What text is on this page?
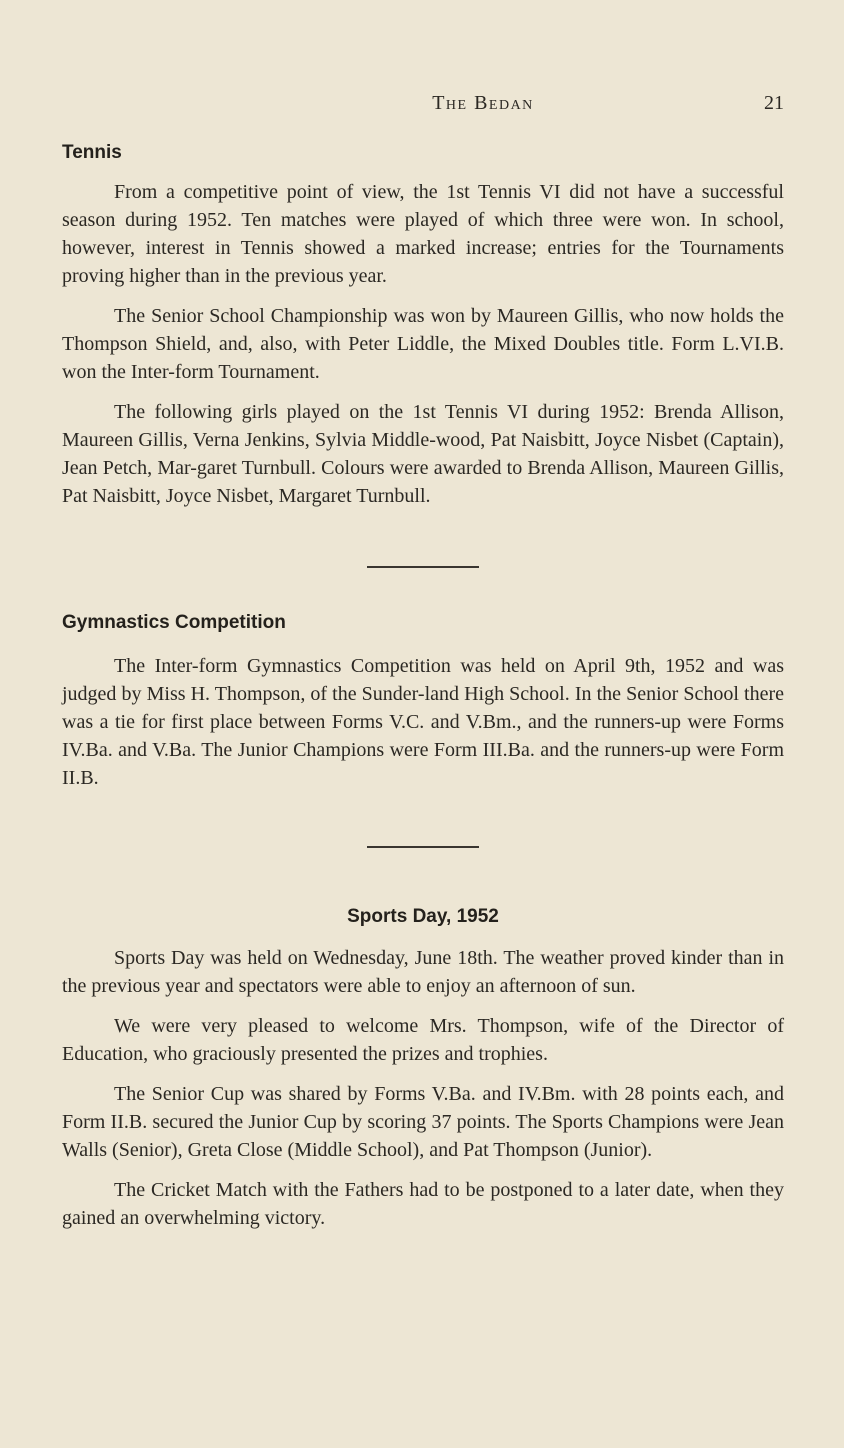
The Bedan	21
Tennis

From a competitive point of view, the 1st Tennis VI did not have a successful season during 1952. Ten matches were played of which three were won. In school, however, interest in Tennis showed a marked increase; entries for the Tournaments proving higher than in the previous year.

The Senior School Championship was won by Maureen Gillis, who now holds the Thompson Shield, and, also, with Peter Liddle, the Mixed Doubles title. Form L.VI.B. won the Inter-form Tournament.

The following girls played on the 1st Tennis VI during 1952: Brenda Allison, Maureen Gillis, Verna Jenkins, Sylvia Middle-wood, Pat Naisbitt, Joyce Nisbet (Captain), Jean Petch, Mar-garet Turnbull. Colours were awarded to Brenda Allison, Maureen Gillis, Pat Naisbitt, Joyce Nisbet, Margaret Turnbull.

Gymnastics Competition

The Inter-form Gymnastics Competition was held on April 9th, 1952 and was judged by Miss H. Thompson, of the Sunder-land High School. In the Senior School there was a tie for first place between Forms V.C. and V.Bm., and the runners-up were Forms IV.Ba. and V.Ba. The Junior Champions were Form III.Ba. and the runners-up were Form II.B.

Sports Day, 1952

Sports Day was held on Wednesday, June 18th. The weather proved kinder than in the previous year and spectators were able to enjoy an afternoon of sun.

We were very pleased to welcome Mrs. Thompson, wife of the Director of Education, who graciously presented the prizes and trophies.

The Senior Cup was shared by Forms V.Ba. and IV.Bm. with 28 points each, and Form II.B. secured the Junior Cup by scoring 37 points. The Sports Champions were Jean Walls (Senior), Greta Close (Middle School), and Pat Thompson (Junior).

The Cricket Match with the Fathers had to be postponed to a later date, when they gained an overwhelming victory.
